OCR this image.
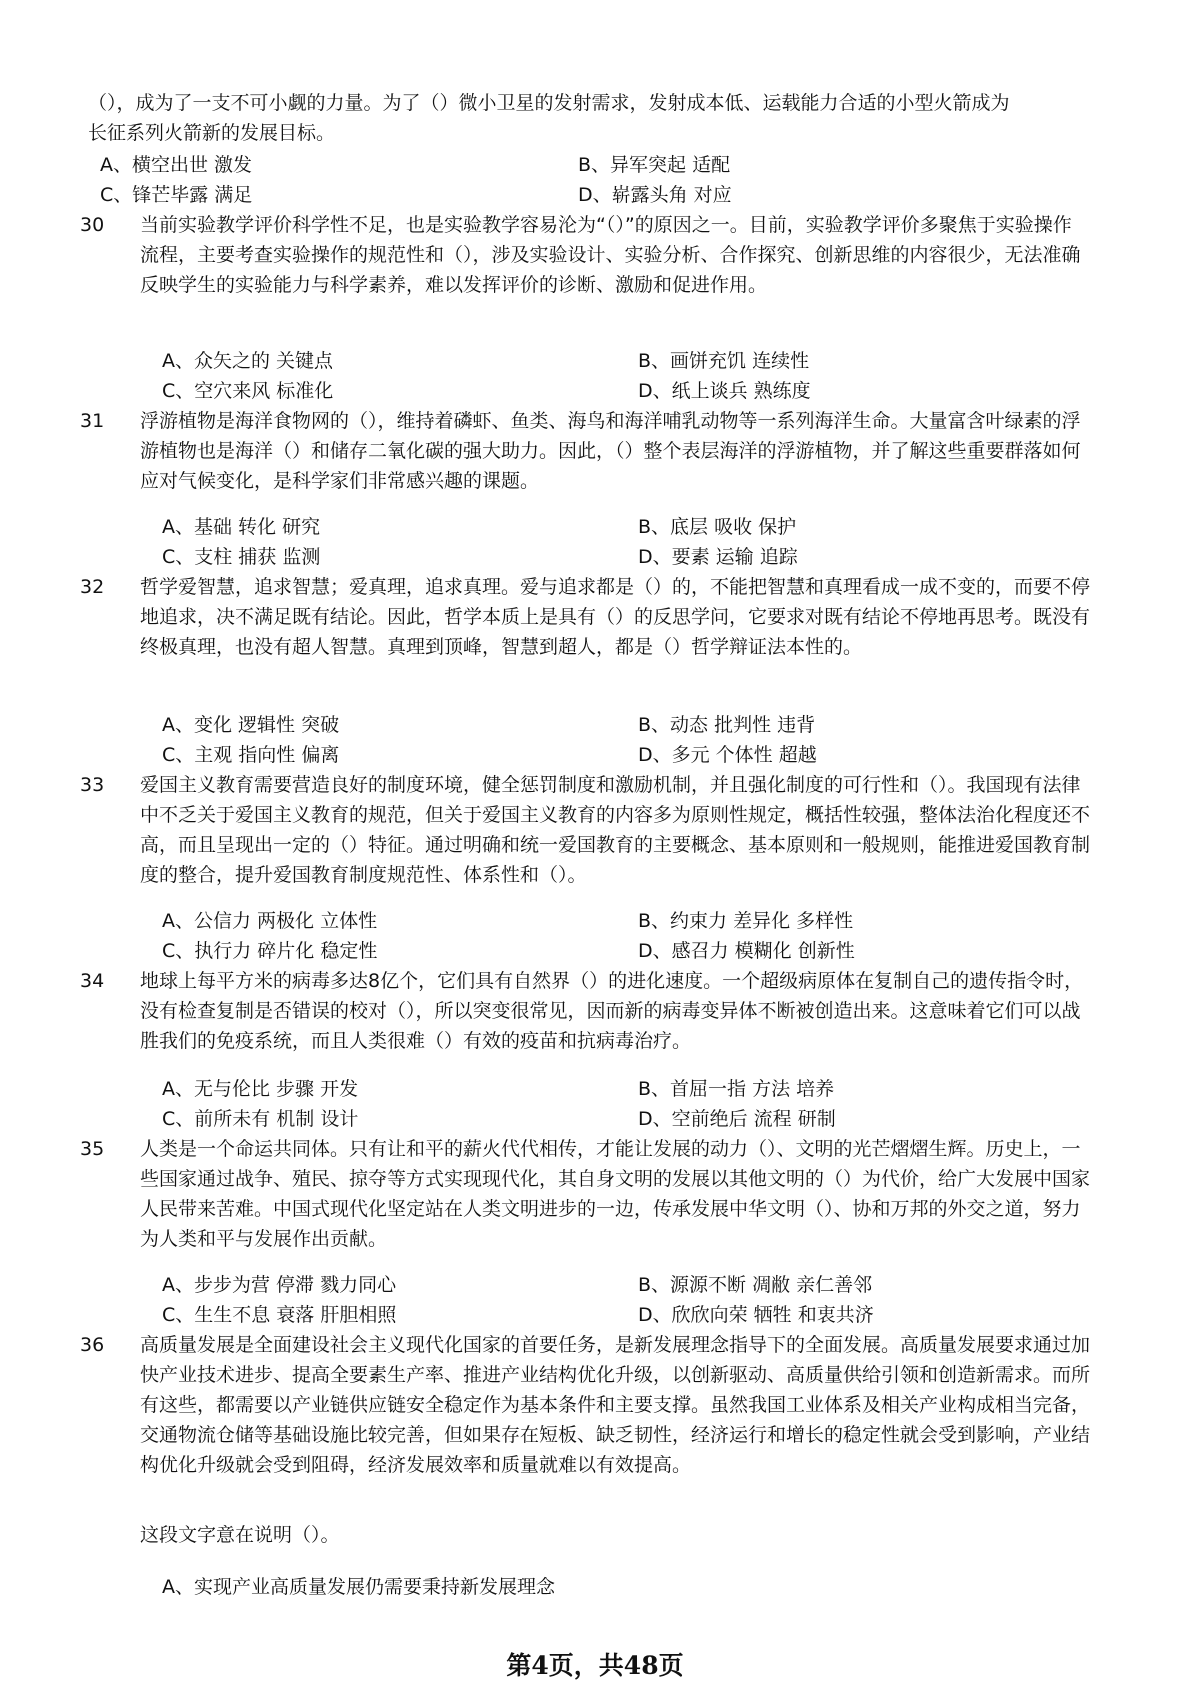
（），成为了一支不可小觑的力量。为了（）微小卫星的发射需求，发射成本低、运载能力合适的小型火箭成为长征系列火箭新的发展目标。
A、横空出世 激发	B、异军突起 适配
C、锋芒毕露 满足	D、崭露头角 对应
30	当前实验教学评价科学性不足，也是实验教学容易沦为“（）”的原因之一。目前，实验教学评价多聚焦于实验操作流程，主要考查实验操作的规范性和（），涉及实验设计、实验分析、合作探究、创新思维的内容很少，无法准确反映学生的实验能力与科学素养，难以发挥评价的诊断、激励和促进作用。
A、众矢之的 关键点	B、画饼充饥 连续性
C、空穴来风 标准化	D、纸上谈兵 熟练度
31	浮游植物是海洋食物网的（），维持着磷虾、鱼类、海鸟和海洋哺乳动物等一系列海洋生命。大量富含叶绿素的浮游植物也是海洋（）和储存二氧化碳的强大助力。因此，（）整个表层海洋的浮游植物，并了解这些重要群落如何应对气候变化，是科学家们非常感兴趣的课题。
A、基础 转化 研究	B、底层 吸收 保护
C、支柱 捕获 监测	D、要素 运输 追踪
32	哲学爱智慧，追求智慧；爱真理，追求真理。爱与追求都是（）的，不能把智慧和真理看成一成不变的，而要不停地追求，决不满足既有结论。因此，哲学本质上是具有（）的反思学问，它要求对既有结论不停地再思考。既没有终极真理，也没有超人智慧。真理到顶峰，智慧到超人，都是（）哲学辩证法本性的。
A、变化 逻辑性 突破	B、动态 批判性 违背
C、主观 指向性 偏离	D、多元 个体性 超越
33	爱国主义教育需要营造良好的制度环境，健全惩罚制度和激励机制，并且强化制度的可行性和（）。我国现有法律中不乏关于爱国主义教育的规范，但关于爱国主义教育的内容多为原则性规定，概括性较强，整体法治化程度还不高，而且呈现出一定的（）特征。通过明确和统一爱国教育的主要概念、基本原则和一般规则，能推进爱国教育制度的整合，提升爱国教育制度规范性、体系性和（）。
A、公信力 两极化 立体性	B、约束力 差异化 多样性
C、执行力 碎片化 稳定性	D、感召力 模糊化 创新性
34	地球上每平方米的病毒多达8亿个，它们具有自然界（）的进化速度。一个超级病原体在复制自己的遗传指令时，没有检查复制是否错误的校对（），所以突变很常见，因而新的病毒变异体不断被创造出来。这意味着它们可以战胜我们的免疫系统，而且人类很难（）有效的疫苗和抗病毒治疗。
A、无与伦比 步骤 开发	B、首屈一指 方法 培养
C、前所未有 机制 设计	D、空前绝后 流程 研制
35	人类是一个命运共同体。只有让和平的薪火代代相传，才能让发展的动力（）、文明的光芒熠熠生辉。历史上，一些国家通过战争、殖民、掠夺等方式实现现代化，其自身文明的发展以其他文明的（）为代价，给广大发展中国家人民带来苦难。中国式现代化坚定站在人类文明进步的一边，传承发展中华文明（）、协和万邦的外交之道，努力为人类和平与发展作出贡献。
A、步步为营 停滞 戮力同心	B、源源不断 凋敝 亲仁善邻
C、生生不息 衰落 肝胆相照	D、欣欣向荣 牺牲 和衷共济
36	高质量发展是全面建设社会主义现代化国家的首要任务，是新发展理念指导下的全面发展。高质量发展要求通过加快产业技术进步、提高全要素生产率、推进产业结构优化升级，以创新驱动、高质量供给引领和创造新需求。而所有这些，都需要以产业链供应链安全稳定作为基本条件和主要支撑。虽然我国工业体系及相关产业构成相当完备，交通物流仓储等基础设施比较完善，但如果存在短板、缺乏韧性，经济运行和增长的稳定性就会受到影响，产业结构优化升级就会受到阻碍，经济发展效率和质量就难以有效提高。
这段文字意在说明（）。
A、实现产业高质量发展仍需要秉持新发展理念
第4页，共48页
